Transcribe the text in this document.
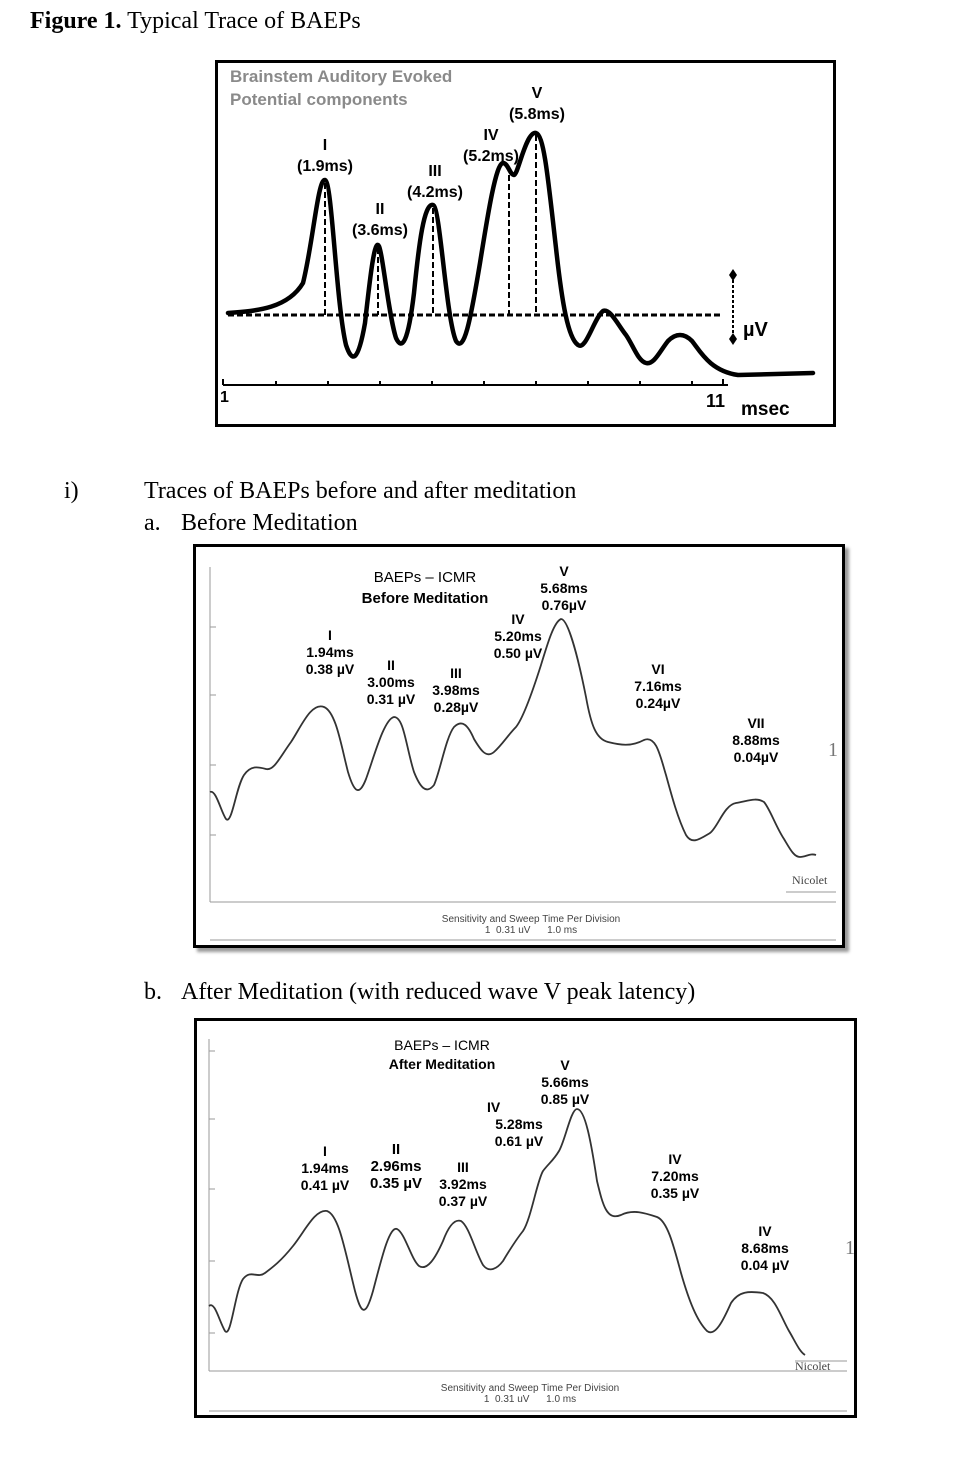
Figure 1. Typical Trace of BAEPs
Brainstem Auditory Evoked
Potential components
I
(1.9ms)
II
(3.6ms)
III
(4.2ms)
IV
(5.2ms)
V
(5.8ms)
µV
1	11 msec
i)	Traces of BAEPs before and after meditation
a. Before Meditation
BAEPs – ICMR
Before Meditation
I
1.94ms
0.38 µV	II
3.00ms
0.31 µV
III
3.98ms
0.28µV
IV
5.20ms
0.50 µV
V
5.68ms
0.76µV
VI
7.16ms
0.24µV
VII
8.88ms
0.04µV	1
Nicolet
Sensitivity and Sweep Time Per Division
1  0.31 uV      1.0 ms
b. After Meditation (with reduced wave V peak latency)
BAEPs – ICMR
After Meditation
I
1.94ms
0.41 µV
II
2.96ms
0.35 µV
III
3.92ms
0.37 µV
IV
5.28ms
0.61 µV
V
5.66ms
0.85 µV
IV
7.20ms
0.35 µV
IV
8.68ms
0.04 µV
1
Nicolet
Sensitivity and Sweep Time Per Division
1  0.31 uV      1.0 ms
